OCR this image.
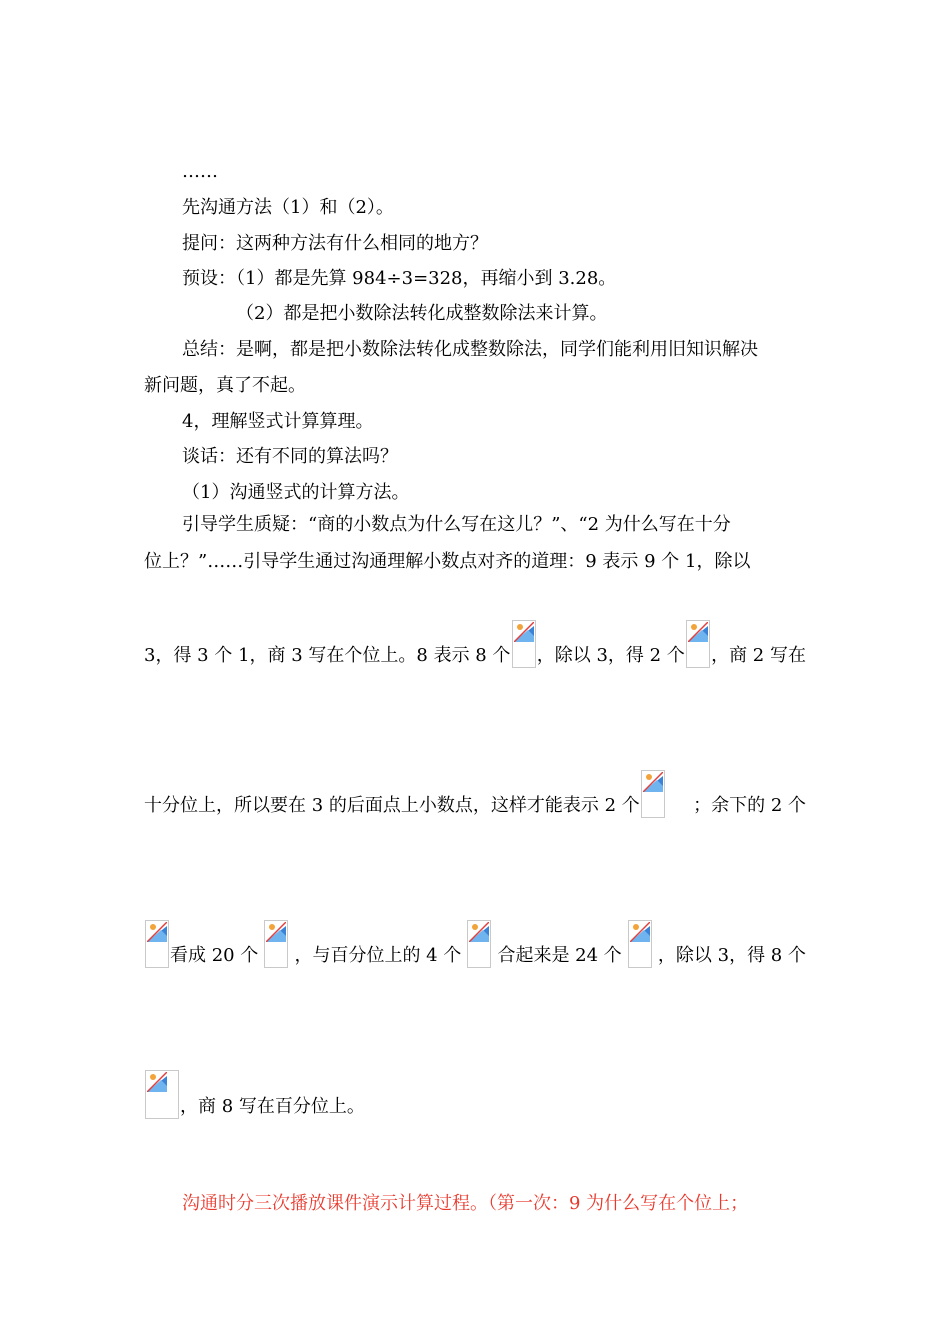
……
先沟通方法（1）和（2）。
提问：这两种方法有什么相同的地方？
预设：（1）都是先算 984÷3=328，再缩小到 3.28。
（2）都是把小数除法转化成整数除法来计算。
总结：是啊，都是把小数除法转化成整数除法，同学们能利用旧知识解决
新问题，真了不起。
4，理解竖式计算算理。
谈话：还有不同的算法吗？
（1）沟通竖式的计算方法。
引导学生质疑：“商的小数点为什么写在这儿？”、“2 为什么写在十分
位上？”……引导学生通过沟通理解小数点对齐的道理：9 表示 9 个 1，除以
3，得 3 个 1，商 3 写在个位上。8 表示 8 个 ，除以 3，得 2 个 ，商 2 写在
十分位上，所以要在 3 的后面点上小数点，这样才能表示 2 个	；余下的 2 个
看成 20 个 ，与百分位上的 4 个 合起来是 24 个 ，除以 3，得 8 个
，商 8 写在百分位上。
沟通时分三次播放课件演示计算过程。（第一次：9 为什么写在个位上；
